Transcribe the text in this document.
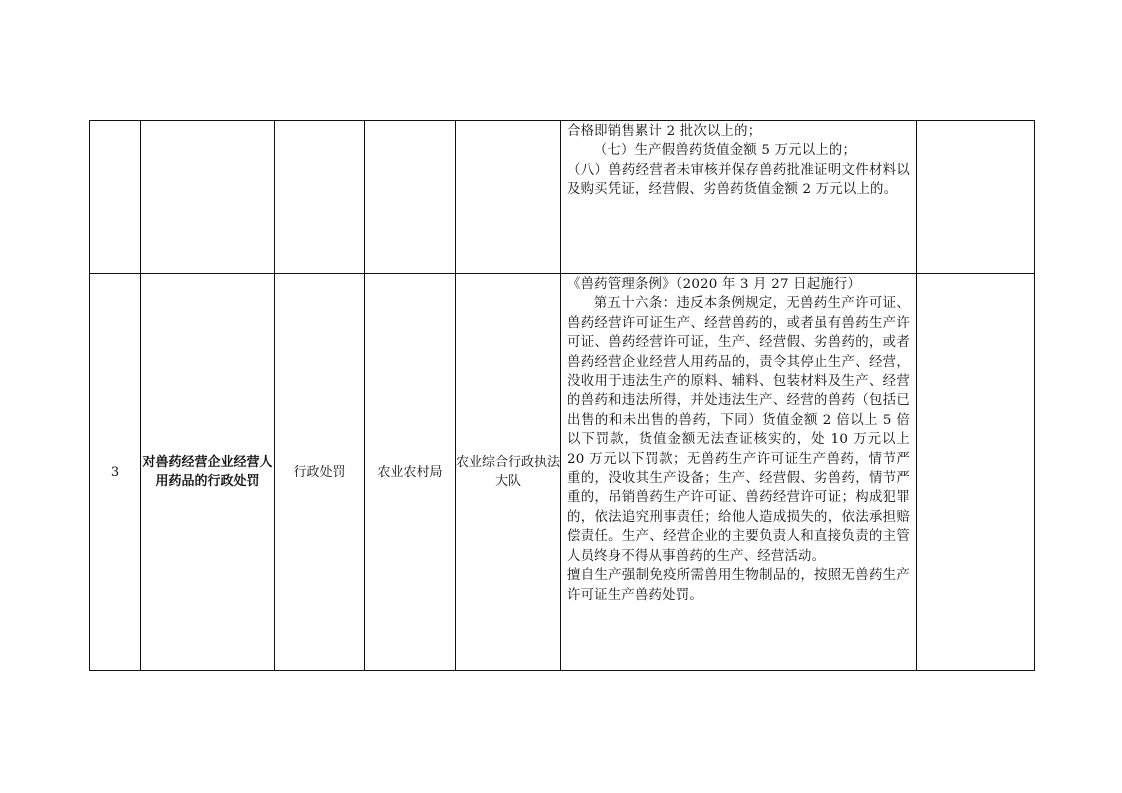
					合格即销售累计 2 批次以上的；

（七）生产假兽药货值金额 5 万元以上的；

（八）兽药经营者未审核并保存兽药批准证明文件材料以及购买凭证，经营假、劣兽药货值金额 2 万元以上的。	

3	对兽药经营企业经营人用药品的行政处罚	行政处罚	农业农村局	农业综合行政执法大队	《兽药管理条例》（2020 年 3 月 27 日起施行）

第五十六条：违反本条例规定，无兽药生产许可证、兽药经营许可证生产、经营兽药的，或者虽有兽药生产许可证、兽药经营许可证，生产、经营假、劣兽药的，或者兽药经营企业经营人用药品的，责令其停止生产、经营，没收用于违法生产的原料、辅料、包装材料及生产、经营的兽药和违法所得，并处违法生产、经营的兽药（包括已出售的和未出售的兽药，下同）货值金额 2 倍以上 5 倍以下罚款，货值金额无法查证核实的，处 10 万元以上 20 万元以下罚款；无兽药生产许可证生产兽药，情节严重的，没收其生产设备；生产、经营假、劣兽药，情节严重的，吊销兽药生产许可证、兽药经营许可证；构成犯罪的，依法追究刑事责任；给他人造成损失的，依法承担赔偿责任。生产、经营企业的主要负责人和直接负责的主管人员终身不得从事兽药的生产、经营活动。

擅自生产强制免疫所需兽用生物制品的，按照无兽药生产许可证生产兽药处罚。	
